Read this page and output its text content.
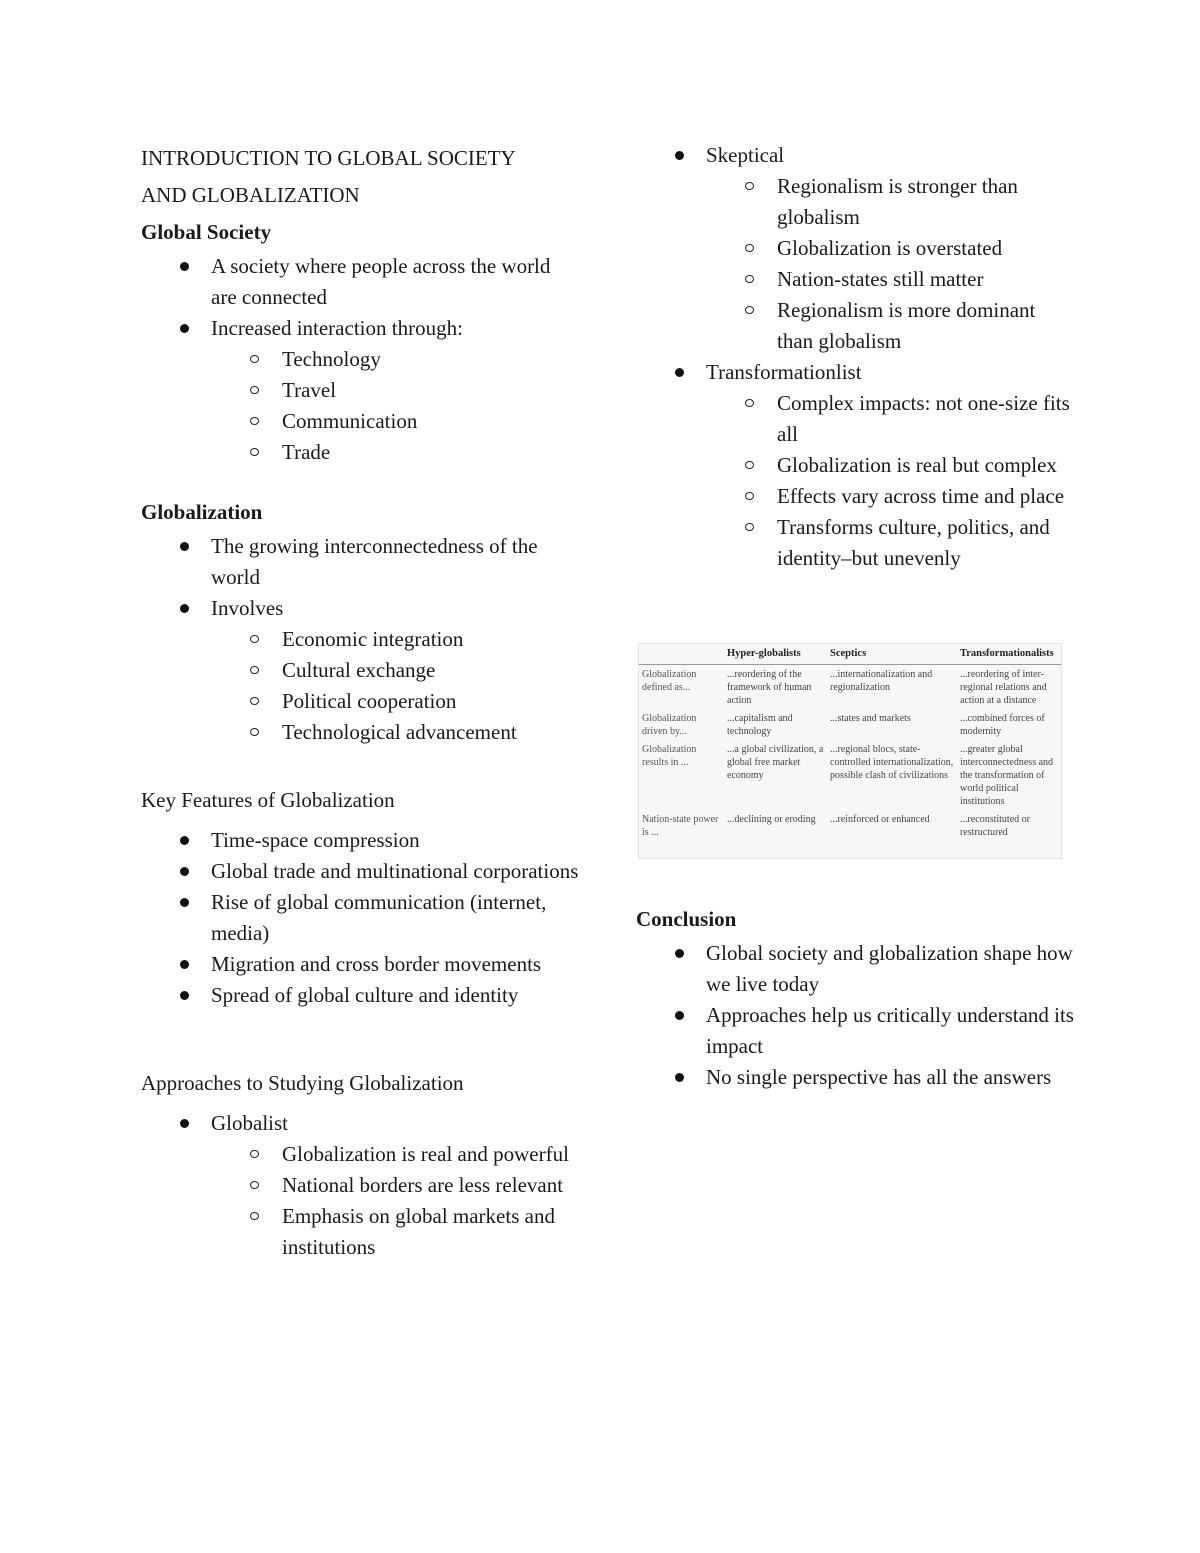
INTRODUCTION TO GLOBAL SOCIETY
AND GLOBALIZATION
Global Society
A society where people across the world are connected
Increased interaction through:
Technology
Travel
Communication
Trade
Globalization
The growing interconnectedness of the world
Involves
Economic integration
Cultural exchange
Political cooperation
Technological advancement
Key Features of Globalization
Time-space compression
Global trade and multinational corporations
Rise of global communication (internet, media)
Migration and cross border movements
Spread of global culture and identity
Approaches to Studying Globalization
Globalist
Globalization is real and powerful
National borders are less relevant
Emphasis on global markets and institutions
Skeptical
Regionalism is stronger than globalism
Globalization is overstated
Nation-states still matter
Regionalism is more dominant than globalism
Transformationlist
Complex impacts: not one-size fits all
Globalization is real but complex
Effects vary across time and place
Transforms culture, politics, and identity–but unevenly
	Hyper-globalists	Sceptics	Transformationalists
Globalization defined as...	...reordering of the framework of human action	...internationalization and regionalization	...reordering of inter-regional relations and action at a distance
Globalization driven by...	...capitalism and technology	...states and markets	...combined forces of modernity
Globalization results in ...	...a global civilization, a global free market economy	...regional blocs, state-controlled internationalization, possible clash of civilizations	...greater global interconnectedness and the transformation of world political institutions
Nation-state power is ...	...declining or eroding	...reinforced or enhanced	...reconstituted or restructured
Conclusion
Global society and globalization shape how we live today
Approaches help us critically understand its impact
No single perspective has all the answers
